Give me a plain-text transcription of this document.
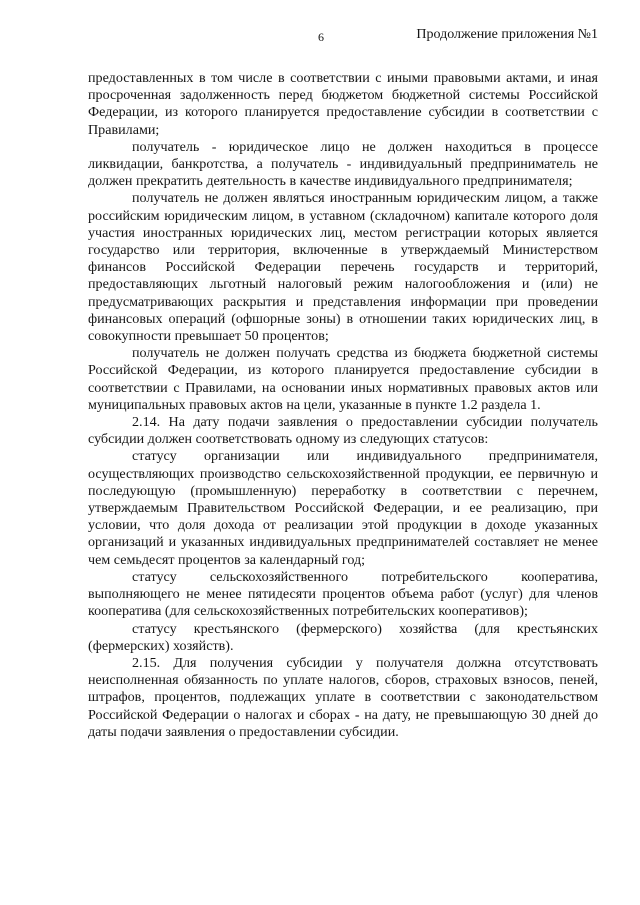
6	Продолжение приложения №1

предоставленных в том числе в соответствии с иными правовыми актами, и иная просроченная задолженность перед бюджетом бюджетной системы Российской Федерации, из которого планируется предоставление субсидии в соответствии с Правилами;

получатель - юридическое лицо не должен находиться в процессе ликвидации, банкротства, а получатель - индивидуальный предприниматель не должен прекратить деятельность в качестве индивидуального предпринимателя;

получатель не должен являться иностранным юридическим лицом, а также российским юридическим лицом, в уставном (складочном) капитале которого доля участия иностранных юридических лиц, местом регистрации которых является государство или территория, включенные в утверждаемый Министерством финансов Российской Федерации перечень государств и территорий, предоставляющих льготный налоговый режим налогообложения и (или) не предусматривающих раскрытия и представления информации при проведении финансовых операций (офшорные зоны) в отношении таких юридических лиц, в совокупности превышает 50 процентов;

получатель не должен получать средства из бюджета бюджетной системы Российской Федерации, из которого планируется предоставление субсидии в соответствии с Правилами, на основании иных нормативных правовых актов или муниципальных правовых актов на цели, указанные в пункте 1.2 раздела 1.

2.14. На дату подачи заявления о предоставлении субсидии получатель субсидии должен соответствовать одному из следующих статусов:

статусу организации или индивидуального предпринимателя, осуществляющих производство сельскохозяйственной продукции, ее первичную и последующую (промышленную) переработку в соответствии с перечнем, утверждаемым Правительством Российской Федерации, и ее реализацию, при условии, что доля дохода от реализации этой продукции в доходе указанных организаций и указанных индивидуальных предпринимателей составляет не менее чем семьдесят процентов за календарный год;

статусу сельскохозяйственного потребительского кооператива, выполняющего не менее пятидесяти процентов объема работ (услуг) для членов кооператива (для сельскохозяйственных потребительских кооперативов);

статусу крестьянского (фермерского) хозяйства (для крестьянских (фермерских) хозяйств).

2.15. Для получения субсидии у получателя должна отсутствовать неисполненная обязанность по уплате налогов, сборов, страховых взносов, пеней, штрафов, процентов, подлежащих уплате в соответствии с законодательством Российской Федерации о налогах и сборах - на дату, не превышающую 30 дней до даты подачи заявления о предоставлении субсидии.
